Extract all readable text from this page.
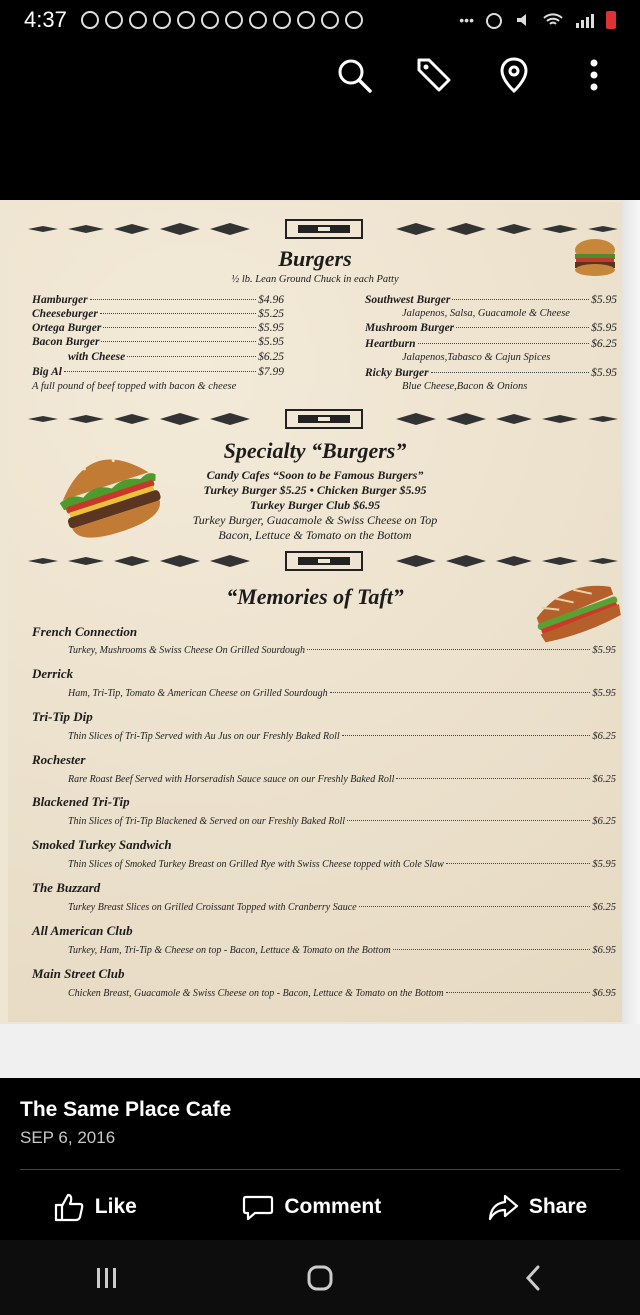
4:37	•••
Burgers
½ lb. Lean Ground Chuck in each Patty
Hamburger	$4.96
Cheeseburger	$5.25
Ortega Burger	$5.95
Bacon Burger	$5.95
with Cheese	$6.25
Big Al	$7.99
A full pound of beef topped with bacon & cheese
Southwest Burger	$5.95
Jalapenos, Salsa, Guacamole & Cheese
Mushroom Burger	$5.95
Heartburn	$6.25
Jalapenos,Tabasco & Cajun Spices
Ricky Burger	$5.95
Blue Cheese,Bacon & Onions
Specialty “Burgers”
Candy Cafes “Soon to be Famous Burgers”
Turkey Burger $5.25 • Chicken Burger $5.95
Turkey Burger Club $6.95
Turkey Burger, Guacamole & Swiss Cheese on Top
Bacon, Lettuce & Tomato on the Bottom
“Memories of Taft”
French Connection
Turkey, Mushrooms & Swiss Cheese On Grilled Sourdough	$5.95
Derrick
Ham, Tri-Tip, Tomato & American Cheese on Grilled Sourdough	$5.95
Tri-Tip Dip
Thin Slices of Tri-Tip Served with Au Jus on our Freshly Baked Roll	$6.25
Rochester
Rare Roast Beef Served with Horseradish Sauce sauce on our Freshly Baked Roll	$6.25
Blackened Tri-Tip
Thin Slices of Tri-Tip Blackened & Served on our Freshly Baked Roll	$6.25
Smoked Turkey Sandwich
Thin Slices of Smoked Turkey Breast on Grilled Rye with Swiss Cheese topped with Cole Slaw	$5.95
The Buzzard
Turkey Breast Slices on Grilled Croissant Topped with Cranberry Sauce	$6.25
All American Club
Turkey, Ham, Tri-Tip & Cheese on top - Bacon, Lettuce & Tomato on the Bottom	$6.95
Main Street Club
Chicken Breast, Guacamole & Swiss Cheese on top - Bacon, Lettuce & Tomato on the Bottom	$6.95
The Same Place Cafe
SEP 6, 2016
Like	Comment	Share
